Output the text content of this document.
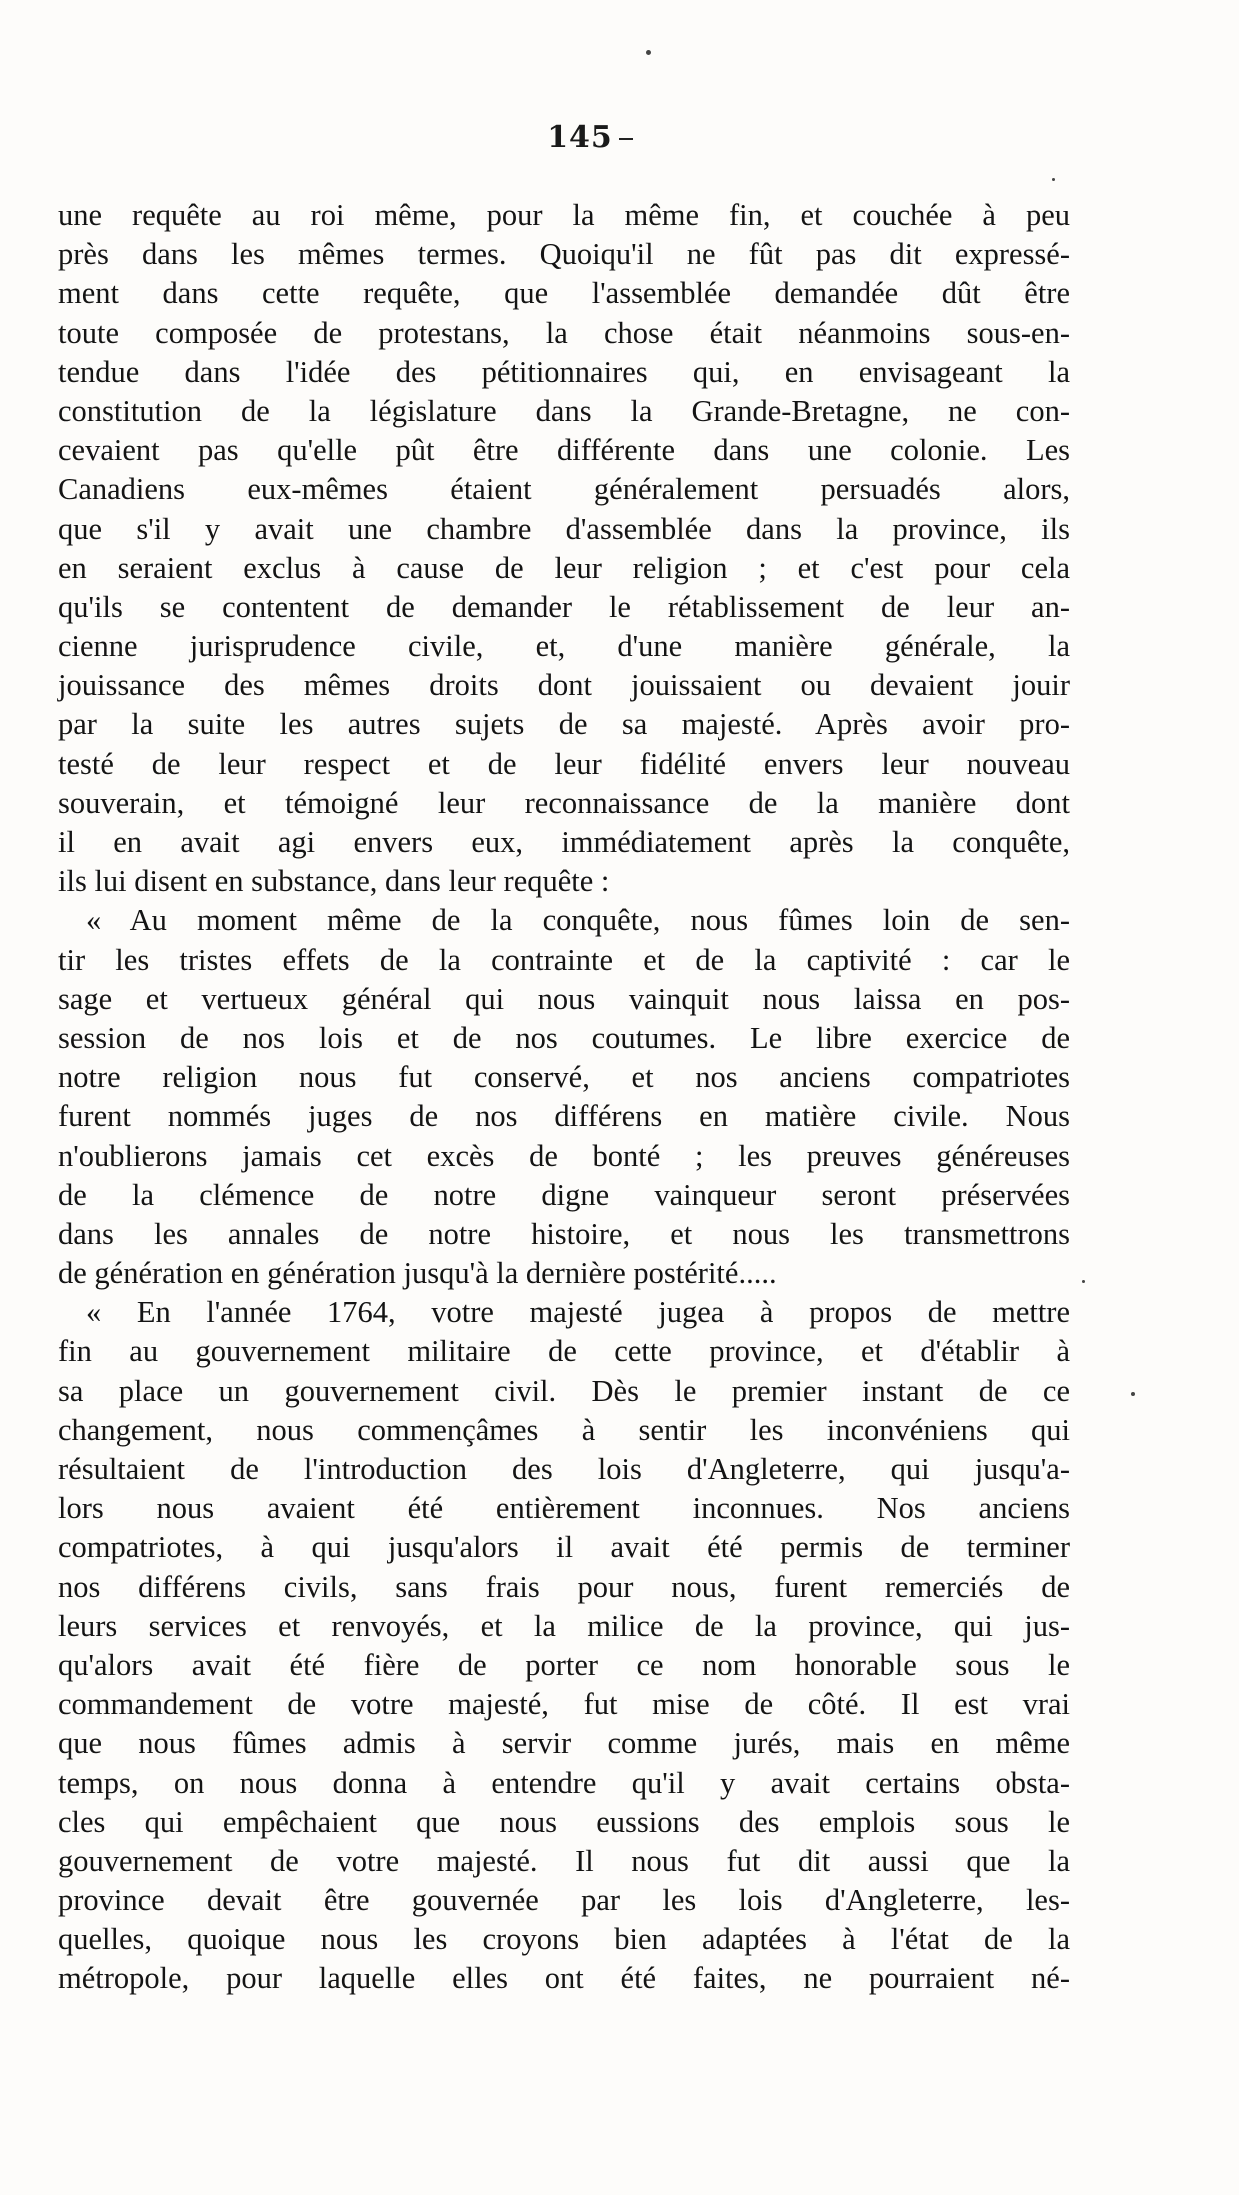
145
une requête au roi même, pour la même fin, et couchée à peu
près dans les mêmes termes. Quoiqu'il ne fût pas dit expressé-
ment dans cette requête, que l'assemblée demandée dût être
toute composée de protestans, la chose était néanmoins sous-en-
tendue dans l'idée des pétitionnaires qui, en envisageant la
constitution de la législature dans la Grande-Bretagne, ne con-
cevaient pas qu'elle pût être différente dans une colonie. Les
Canadiens eux-mêmes étaient généralement persuadés alors,
que s'il y avait une chambre d'assemblée dans la province, ils
en seraient exclus à cause de leur religion ; et c'est pour cela
qu'ils se contentent de demander le rétablissement de leur an-
cienne jurisprudence civile, et, d'une manière générale, la
jouissance des mêmes droits dont jouissaient ou devaient jouir
par la suite les autres sujets de sa majesté. Après avoir pro-
testé de leur respect et de leur fidélité envers leur nouveau
souverain, et témoigné leur reconnaissance de la manière dont
il en avait agi envers eux, immédiatement après la conquête,
ils lui disent en substance, dans leur requête :
« Au moment même de la conquête, nous fûmes loin de sen-
tir les tristes effets de la contrainte et de la captivité : car le
sage et vertueux général qui nous vainquit nous laissa en pos-
session de nos lois et de nos coutumes. Le libre exercice de
notre religion nous fut conservé, et nos anciens compatriotes
furent nommés juges de nos différens en matière civile. Nous
n'oublierons jamais cet excès de bonté ; les preuves généreuses
de la clémence de notre digne vainqueur seront préservées
dans les annales de notre histoire, et nous les transmettrons
de génération en génération jusqu'à la dernière postérité.....
« En l'année 1764, votre majesté jugea à propos de mettre
fin au gouvernement militaire de cette province, et d'établir à
sa place un gouvernement civil. Dès le premier instant de ce
changement, nous commençâmes à sentir les inconvéniens qui
résultaient de l'introduction des lois d'Angleterre, qui jusqu'a-
lors nous avaient été entièrement inconnues. Nos anciens
compatriotes, à qui jusqu'alors il avait été permis de terminer
nos différens civils, sans frais pour nous, furent remerciés de
leurs services et renvoyés, et la milice de la province, qui jus-
qu'alors avait été fière de porter ce nom honorable sous le
commandement de votre majesté, fut mise de côté. Il est vrai
que nous fûmes admis à servir comme jurés, mais en même
temps, on nous donna à entendre qu'il y avait certains obsta-
cles qui empêchaient que nous eussions des emplois sous le
gouvernement de votre majesté. Il nous fut dit aussi que la
province devait être gouvernée par les lois d'Angleterre, les-
quelles, quoique nous les croyons bien adaptées à l'état de la
métropole, pour laquelle elles ont été faites, ne pourraient né-
